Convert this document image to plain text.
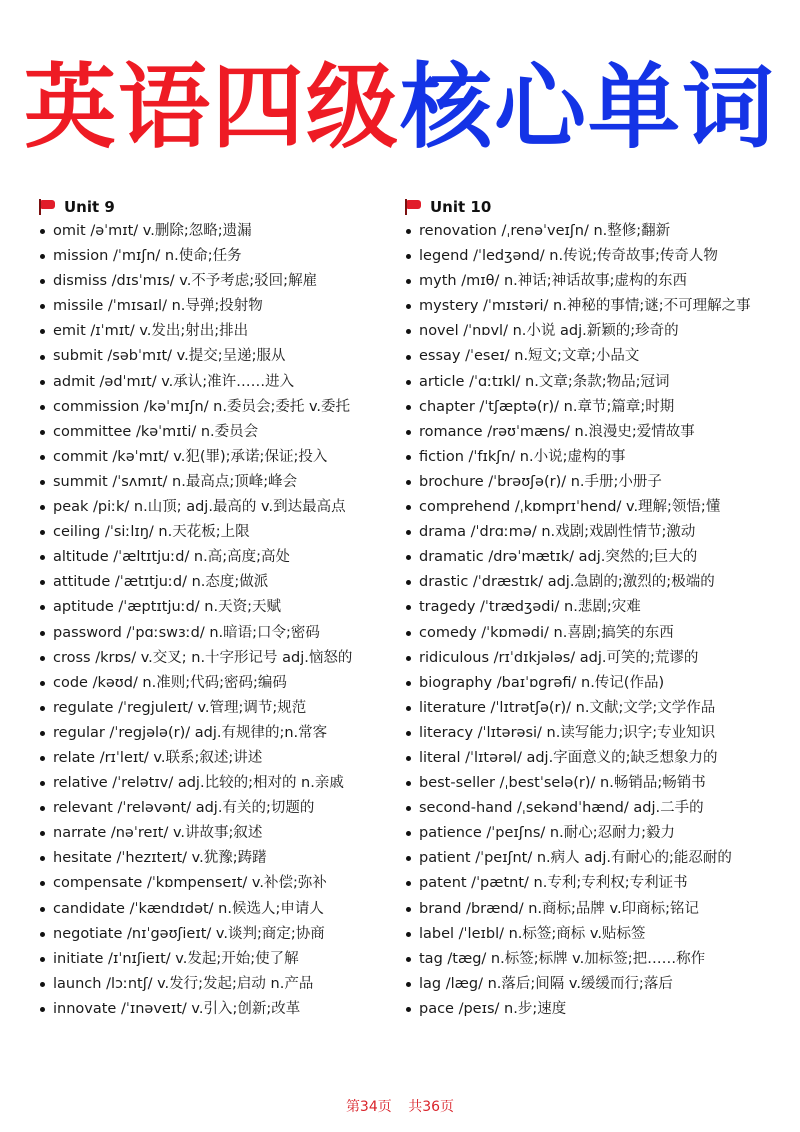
英语四级核心单词
Unit 9
omit /əˈmɪt/ v.删除;忽略;遗漏
mission /ˈmɪʃn/ n.使命;任务
dismiss /dɪsˈmɪs/ v.不予考虑;驳回;解雇
missile /ˈmɪsaɪl/ n.导弹;投射物
emit /ɪˈmɪt/ v.发出;射出;排出
submit /səbˈmɪt/ v.提交;呈递;服从
admit /ədˈmɪt/ v.承认;准许……进入
commission /kəˈmɪʃn/ n.委员会;委托 v.委托
committee /kəˈmɪti/ n.委员会
commit /kəˈmɪt/ v.犯(罪);承诺;保证;投入
summit /ˈsʌmɪt/ n.最高点;顶峰;峰会
peak /piːk/ n.山顶; adj.最高的 v.到达最高点
ceiling /ˈsiːlɪŋ/ n.天花板;上限
altitude /ˈæltɪtjuːd/ n.高;高度;高处
attitude /ˈætɪtjuːd/ n.态度;做派
aptitude /ˈæptɪtjuːd/ n.天资;天赋
password /ˈpɑːswɜːd/ n.暗语;口令;密码
cross /krɒs/ v.交叉; n.十字形记号 adj.恼怒的
code /kəʊd/ n.准则;代码;密码;编码
regulate /ˈregjuleɪt/ v.管理;调节;规范
regular /ˈregjələ(r)/ adj.有规律的;n.常客
relate /rɪˈleɪt/ v.联系;叙述;讲述
relative /ˈrelətɪv/ adj.比较的;相对的 n.亲戚
relevant /ˈreləvənt/ adj.有关的;切题的
narrate /nəˈreɪt/ v.讲故事;叙述
hesitate /ˈhezɪteɪt/ v.犹豫;踌躇
compensate /ˈkɒmpenseɪt/ v.补偿;弥补
candidate /ˈkændɪdət/ n.候选人;申请人
negotiate /nɪˈgəʊʃieɪt/ v.谈判;商定;协商
initiate /ɪˈnɪʃieɪt/ v.发起;开始;使了解
launch /lɔːntʃ/ v.发行;发起;启动 n.产品
innovate /ˈɪnəveɪt/ v.引入;创新;改革
Unit 10
renovation /ˌrenəˈveɪʃn/ n.整修;翻新
legend /ˈledʒənd/ n.传说;传奇故事;传奇人物
myth /mɪθ/ n.神话;神话故事;虚构的东西
mystery /ˈmɪstəri/ n.神秘的事情;谜;不可理解之事
novel /ˈnɒvl/ n.小说 adj.新颖的;珍奇的
essay /ˈeseɪ/ n.短文;文章;小品文
article /ˈɑːtɪkl/ n.文章;条款;物品;冠词
chapter /ˈtʃæptə(r)/ n.章节;篇章;时期
romance /rəʊˈmæns/ n.浪漫史;爱情故事
fiction /ˈfɪkʃn/ n.小说;虚构的事
brochure /ˈbrəʊʃə(r)/ n.手册;小册子
comprehend /ˌkɒmprɪˈhend/ v.理解;领悟;懂
drama /ˈdrɑːmə/ n.戏剧;戏剧性情节;激动
dramatic /drəˈmætɪk/ adj.突然的;巨大的
drastic /ˈdræstɪk/ adj.急剧的;激烈的;极端的
tragedy /ˈtrædʒədi/ n.悲剧;灾难
comedy /ˈkɒmədi/ n.喜剧;搞笑的东西
ridiculous /rɪˈdɪkjələs/ adj.可笑的;荒谬的
biography /baɪˈɒgrəfi/ n.传记(作品)
literature /ˈlɪtrətʃə(r)/ n.文献;文学;文学作品
literacy /ˈlɪtərəsi/ n.读写能力;识字;专业知识
literal /ˈlɪtərəl/ adj.字面意义的;缺乏想象力的
best-seller /ˌbestˈselə(r)/ n.畅销品;畅销书
second-hand /ˌsekəndˈhænd/ adj.二手的
patience /ˈpeɪʃns/ n.耐心;忍耐力;毅力
patient /ˈpeɪʃnt/ n.病人 adj.有耐心的;能忍耐的
patent /ˈpætnt/ n.专利;专利权;专利证书
brand /brænd/ n.商标;品牌 v.印商标;铭记
label /ˈleɪbl/ n.标签;商标 v.贴标签
tag /tæg/ n.标签;标牌 v.加标签;把……称作
lag /læg/ n.落后;间隔 v.缓缓而行;落后
pace /peɪs/ n.步;速度
第34页 共36页
